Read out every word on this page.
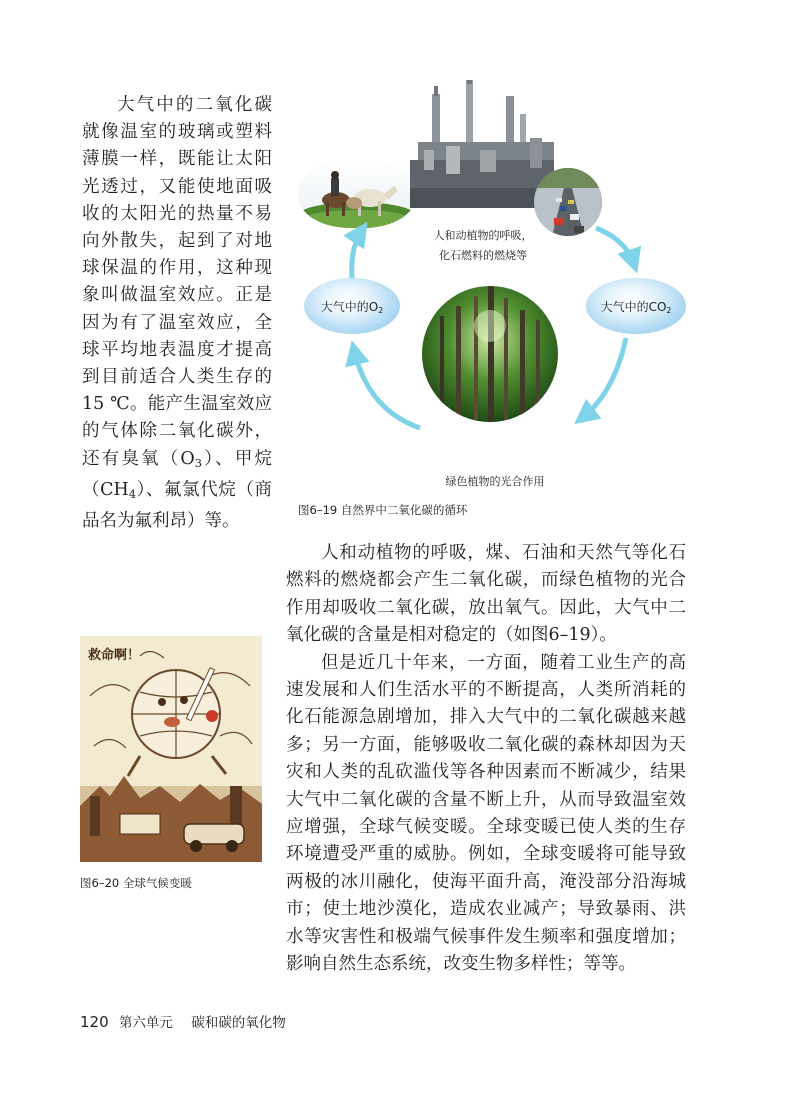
大气中的二氧化碳就像温室的玻璃或塑料薄膜一样，既能让太阳光透过，又能使地面吸收的太阳光的热量不易向外散失，起到了对地球保温的作用，这种现象叫做温室效应。正是因为有了温室效应，全球平均地表温度才提高到目前适合人类生存的15 ℃。能产生温室效应的气体除二氧化碳外，还有臭氧$(O_3)$、甲烷$(CH_4)$、氟氯代烷（商品名为氟利昂）等。

人和动植物的呼吸，
化石燃料的燃烧等
大气中的$O_2$	大气中的$CO_2$
绿色植物的光合作用
图6–19 自然界中二氧化碳的循环

人和动植物的呼吸，煤、石油和天然气等化石燃料的燃烧都会产生二氧化碳，而绿色植物的光合作用却吸收二氧化碳，放出氧气。因此，大气中二氧化碳的含量是相对稳定的（如图6–19）。

但是近几十年来，一方面，随着工业生产的高速发展和人们生活水平的不断提高，人类所消耗的化石能源急剧增加，排入大气中的二氧化碳越来越多；另一方面，能够吸收二氧化碳的森林却因为天灾和人类的乱砍滥伐等各种因素而不断减少，结果大气中二氧化碳的含量不断上升，从而导致温室效应增强，全球气候变暖。全球变暖已使人类的生存环境遭受严重的威胁。例如，全球变暖将可能导致两极的冰川融化，使海平面升高，淹没部分沿海城市；使土地沙漠化，造成农业减产；导致暴雨、洪水等灾害性和极端气候事件发生频率和强度增加；影响自然生态系统，改变生物多样性；等等。

救命啊！
图6–20 全球气候变暖
120 第六单元 碳和碳的氧化物
